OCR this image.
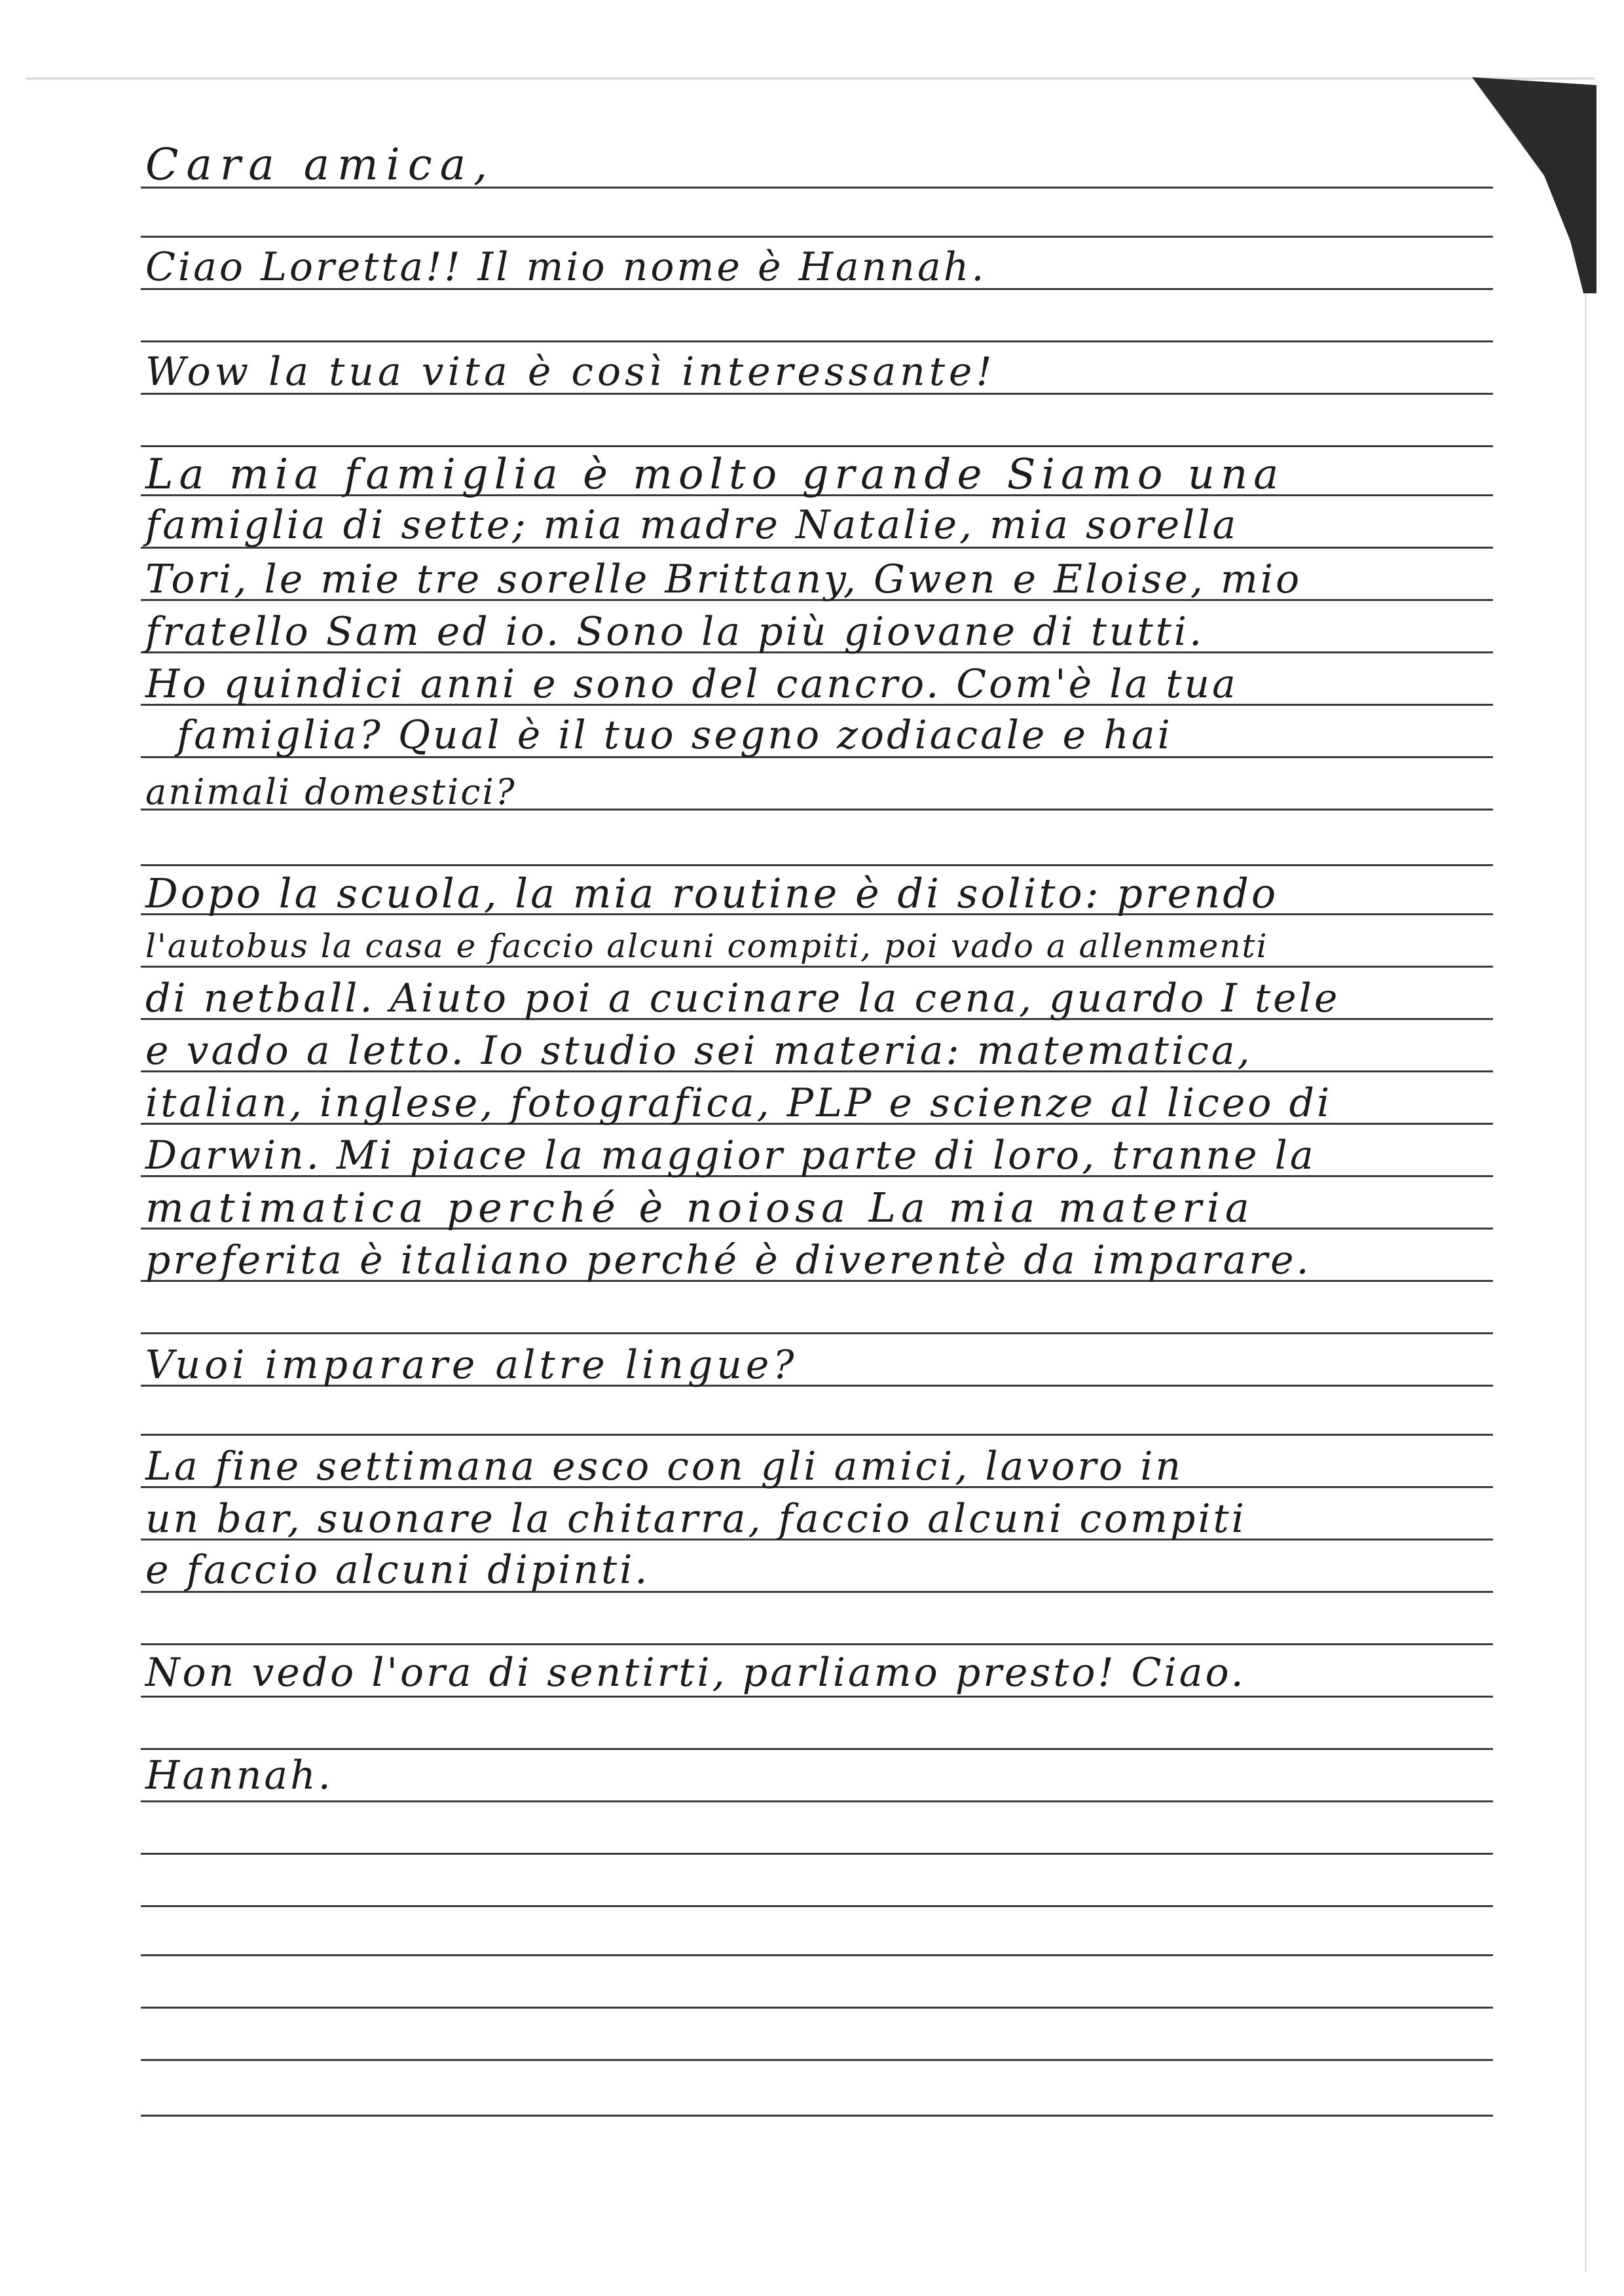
Cara amica,

Ciao Loretta!! Il mio nome è Hannah.

Wow la tua vita è così interessante!

La mia famiglia è molto grande Siamo una

famiglia di sette; mia madre Natalie, mia sorella

Tori, le mie tre sorelle Brittany, Gwen e Eloise, mio

fratello Sam ed io. Sono la più giovane di tutti.

Ho quindici anni e sono del cancro. Com'è la tua

famiglia? Qual è il tuo segno zodiacale e hai

animali domestici?

Dopo la scuola, la mia routine è di solito: prendo

l'autobus la casa e faccio alcuni compiti, poi vado a allenmenti

di netball. Aiuto poi a cucinare la cena, guardo I tele

e vado a letto. Io studio sei materia: matematica,

italian, inglese, fotografica, PLP e scienze al liceo di

Darwin. Mi piace la maggior parte di loro, tranne la

matimatica perché è noiosa La mia materia

preferita è italiano perché è diverentè da imparare.

Vuoi imparare altre lingue?

La fine settimana esco con gli amici, lavoro in

un bar, suonare la chitarra, faccio alcuni compiti

e faccio alcuni dipinti.

Non vedo l'ora di sentirti, parliamo presto! Ciao.

Hannah.
